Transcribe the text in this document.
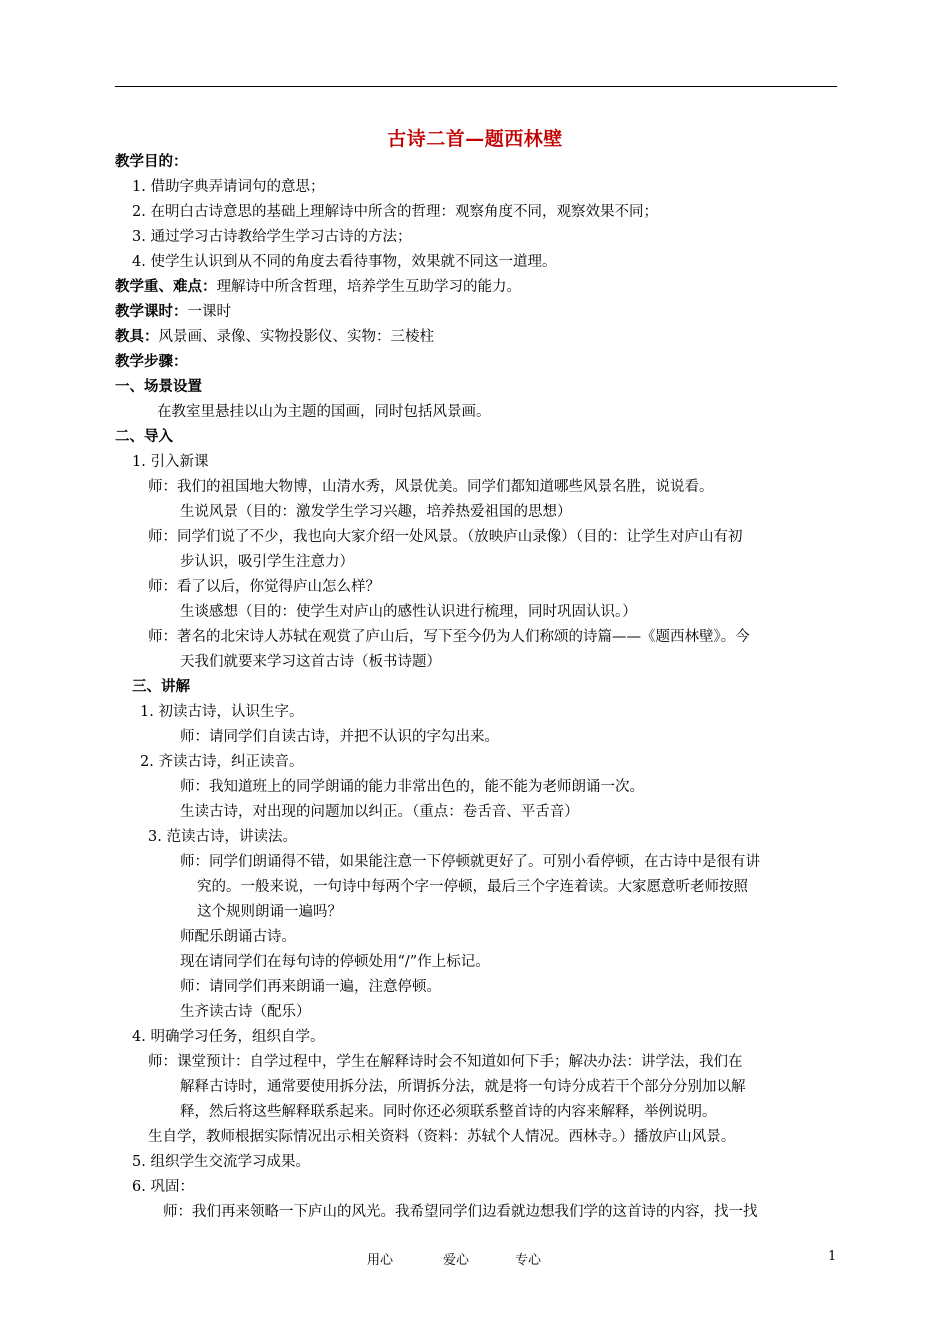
古诗二首—题西林壁
教学目的：
1. 借助字典弄请词句的意思；
2. 在明白古诗意思的基础上理解诗中所含的哲理：观察角度不同，观察效果不同；
3. 通过学习古诗教给学生学习古诗的方法；
4. 使学生认识到从不同的角度去看待事物，效果就不同这一道理。
教学重、难点：理解诗中所含哲理，培养学生互助学习的能力。
教学课时：一课时
教具：风景画、录像、实物投影仪、实物：三棱柱
教学步骤：
一、场景设置
在教室里悬挂以山为主题的国画，同时包括风景画。
二、导入
1. 引入新课
师：我们的祖国地大物博，山清水秀，风景优美。同学们都知道哪些风景名胜，说说看。
生说风景（目的：激发学生学习兴趣，培养热爱祖国的思想）
师：同学们说了不少，我也向大家介绍一处风景。（放映庐山录像）（目的：让学生对庐山有初
步认识，吸引学生注意力）
师：看了以后，你觉得庐山怎么样？
生谈感想（目的：使学生对庐山的感性认识进行梳理，同时巩固认识。）
师：著名的北宋诗人苏轼在观赏了庐山后，写下至今仍为人们称颂的诗篇——《题西林壁》。今
天我们就要来学习这首古诗（板书诗题）
三、讲解
1. 初读古诗，认识生字。
师：请同学们自读古诗，并把不认识的字勾出来。
2. 齐读古诗，纠正读音。
师：我知道班上的同学朗诵的能力非常出色的，能不能为老师朗诵一次。
生读古诗，对出现的问题加以纠正。（重点：卷舌音、平舌音）
3. 范读古诗，讲读法。
师：同学们朗诵得不错，如果能注意一下停顿就更好了。可别小看停顿，在古诗中是很有讲
究的。一般来说，一句诗中每两个字一停顿，最后三个字连着读。大家愿意听老师按照
这个规则朗诵一遍吗？
师配乐朗诵古诗。
现在请同学们在每句诗的停顿处用“/”作上标记。
师：请同学们再来朗诵一遍，注意停顿。
生齐读古诗（配乐）
4. 明确学习任务，组织自学。
师：课堂预计：自学过程中，学生在解释诗时会不知道如何下手；解决办法：讲学法，我们在
解释古诗时，通常要使用拆分法，所谓拆分法，就是将一句诗分成若干个部分分别加以解
释，然后将这些解释联系起来。同时你还必须联系整首诗的内容来解释，举例说明。
生自学，教师根据实际情况出示相关资料（资料：苏轼个人情况。西林寺。）播放庐山风景。
5. 组织学生交流学习成果。
6. 巩固：
师：我们再来领略一下庐山的风光。我希望同学们边看就边想我们学的这首诗的内容，找一找
用心	爱心	专心	1
